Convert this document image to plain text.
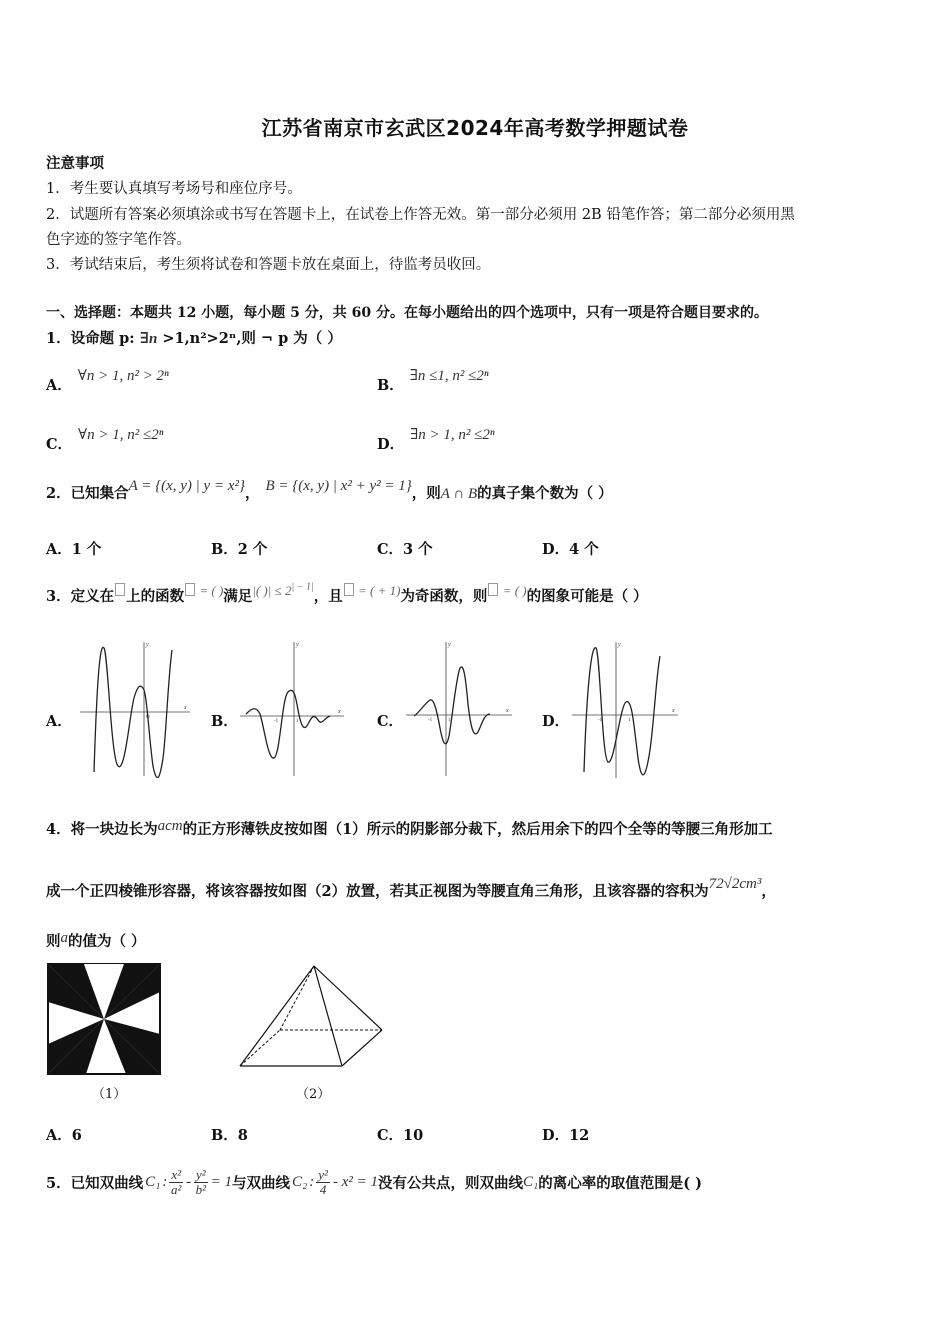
江苏省南京市玄武区2024年高考数学押题试卷
注意事项
1．考生要认真填写考场号和座位序号。
2．试题所有答案必须填涂或书写在答题卡上，在试卷上作答无效。第一部分必须用 2B 铅笔作答；第二部分必须用黑
色字迹的签字笔作答。
3．考试结束后，考生须将试卷和答题卡放在桌面上，待监考员收回。
一、选择题：本题共 12 小题，每小题 5 分，共 60 分。在每小题给出的四个选项中，只有一项是符合题目要求的。
1．设命题 p: ∃n >1,n²>2ⁿ,则 ¬ p 为（ ）
A．∀n > 1, n² > 2ⁿ
B．∃n ≤1, n² ≤2ⁿ
C．∀n > 1, n² ≤2ⁿ
D．∃n > 1, n² ≤2ⁿ
2．已知集合A = {(x, y) | y = x²}， B = {(x, y) | x² + y² = 1}，则A ∩ B的真子集个数为（ ）
A．1 个	B．2 个	C．3 个	D．4 个
3．定义在 上的函数 = ( )满足$^{|( )| \le 2^{| - 1|}}$，且 $^{= ( + 1)}$为奇函数，则 = ( )的图象可能是（ ）
A．	B．	C．	D．
x
y
O
x
y
-1	1
x
y
-1	1
x
y
-1	1
4．将一块边长为acm的正方形薄铁皮按如图（1）所示的阴影部分裁下，然后用余下的四个全等的等腰三角形加工
成一个正四棱锥形容器，将该容器按如图（2）放置，若其正视图为等腰直角三角形，且该容器的容积为72√2cm³，
则a的值为（ ）
（1）	（2）
A．6	B．8	C．10	D．12
5．已知双曲线 C₁ : $\frac{\text{x²}}{\text{a²}} - \frac{\text{y²}}{\text{b²}} = 1$ 与双曲线 C₂ : $\frac{\text{y²}}{4} - x^2 = 1$ 没有公共点，则双曲线 C₁ 的离心率的取值范围是( )
